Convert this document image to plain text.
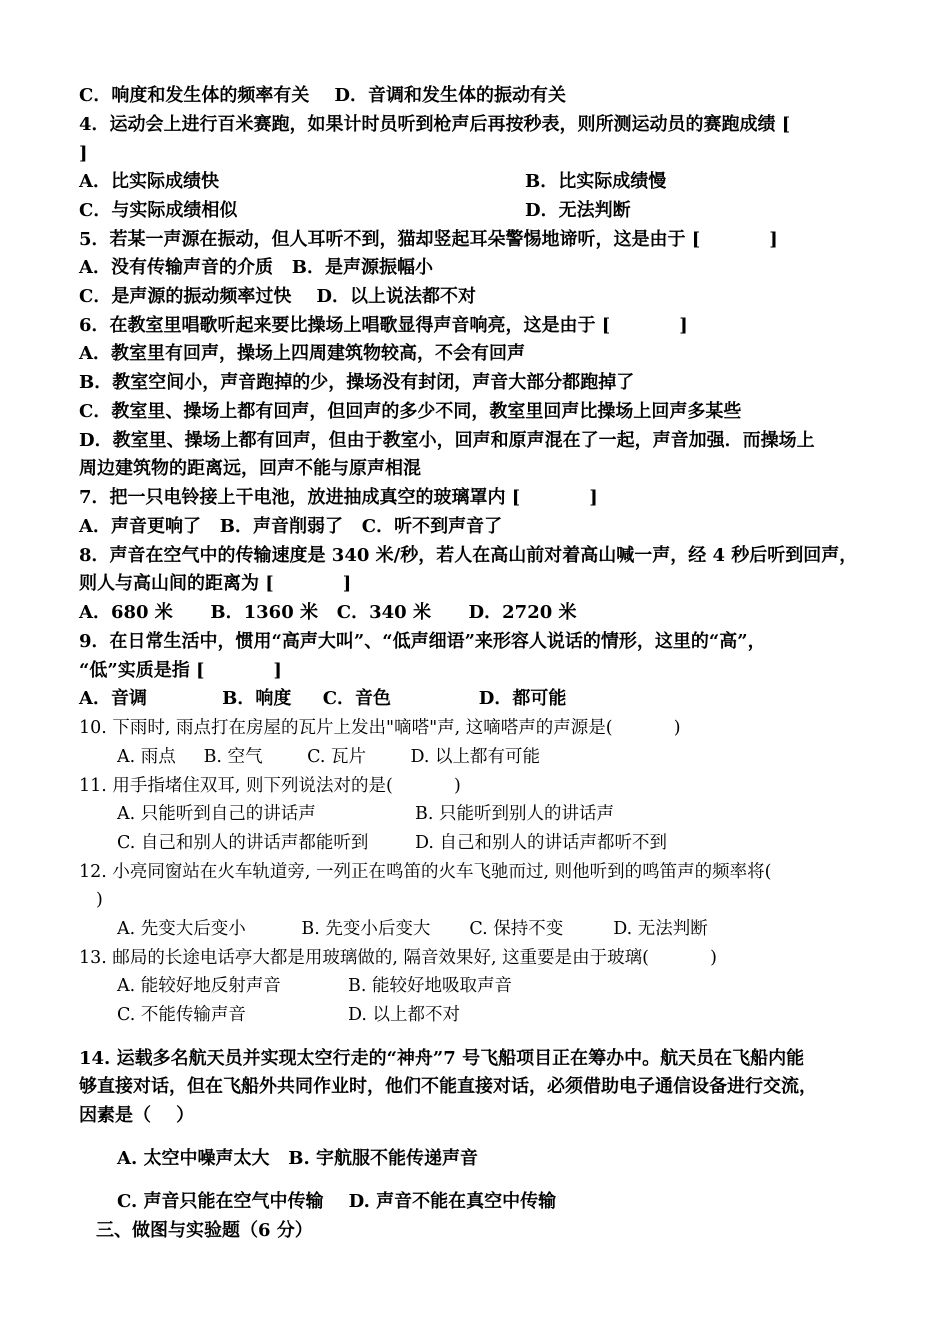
C．响度和发生体的频率有关 D．音调和发生体的振动有关
4．运动会上进行百米赛跑，如果计时员听到枪声后再按秒表，则所测运动员的赛跑成绩 [
]
A．比实际成绩快	B．比实际成绩慢
C．与实际成绩相似	D．无法判断
5．若某一声源在振动，但人耳听不到，猫却竖起耳朵警惕地谛听，这是由于 [           ]
A．没有传输声音的介质   B．是声源振幅小
C．是声源的振动频率过快    D．以上说法都不对
6．在教室里唱歌听起来要比操场上唱歌显得声音响亮，这是由于 [           ]
A．教室里有回声，操场上四周建筑物较高，不会有回声
B．教室空间小，声音跑掉的少，操场没有封闭，声音大部分都跑掉了
C．教室里、操场上都有回声，但回声的多少不同，教室里回声比操场上回声多某些
D．教室里、操场上都有回声，但由于教室小，回声和原声混在了一起，声音加强．而操场上
周边建筑物的距离远，回声不能与原声相混
7．把一只电铃接上干电池，放进抽成真空的玻璃罩内 [           ]
A．声音更响了   B．声音削弱了   C．听不到声音了
8．声音在空气中的传输速度是 340 米/秒，若人在高山前对着高山喊一声，经 4 秒后听到回声，
则人与高山间的距离为 [           ]
A．680 米      B．1360 米   C．340 米      D．2720 米
9．在日常生活中，惯用“高声大叫”、“低声细语”来形容人说话的情形，这里的“高”，
“低”实质是指 [           ]
A．音调            B．响度     C．音色              D．都可能
10. 下雨时, 雨点打在房屋的瓦片上发出"嘀嗒"声, 这嘀嗒声的声源是(           )
A. 雨点     B. 空气        C. 瓦片        D. 以上都有可能
11. 用手指堵住双耳, 则下列说法对的是(           )
A. 只能听到自己的讲话声	B. 只能听到别人的讲话声
C. 自己和别人的讲话声都能听到	D. 自己和别人的讲话声都听不到
12. 小亮同窗站在火车轨道旁, 一列正在鸣笛的火车飞驰而过, 则他听到的鸣笛声的频率将(
)
A. 先变大后变小          B. 先变小后变大       C. 保持不变         D. 无法判断
13. 邮局的长途电话亭大都是用玻璃做的, 隔音效果好, 这重要是由于玻璃(           )
A. 能较好地反射声音	B. 能较好地吸取声音
C. 不能传输声音	D. 以上都不对
14. 运载多名航天员并实现太空行走的“神舟”7 号飞船项目正在筹办中。航天员在飞船内能
够直接对话，但在飞船外共同作业时，他们不能直接对话，必须借助电子通信设备进行交流，
因素是（    ）
A. 太空中噪声太大   B. 宇航服不能传递声音
C. 声音只能在空气中传输    D. 声音不能在真空中传输
三、做图与实验题（6 分）
